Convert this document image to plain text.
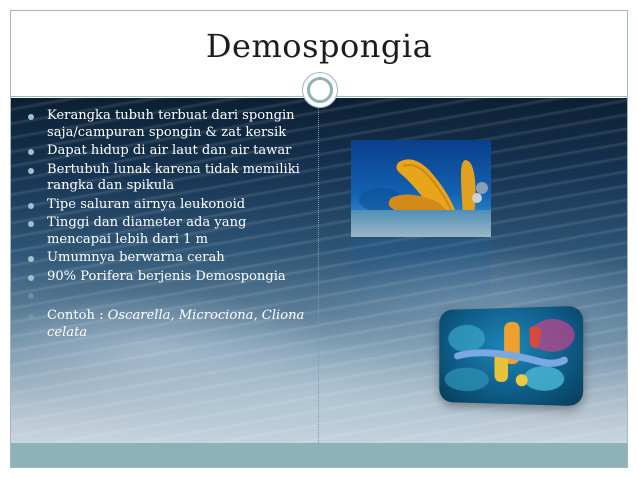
Demospongia
Kerangka tubuh terbuat dari spongin saja/campuran spongin & zat kersik
Dapat hidup di air laut dan air tawar
Bertubuh lunak karena tidak memiliki rangka dan spikula
Tipe saluran airnya leukonoid
Tinggi dan diameter ada yang mencapai lebih dari 1 m
Umumnya berwarna cerah
90% Porifera berjenis Demospongia
Contoh : Oscarella, Microciona, Cliona celata
